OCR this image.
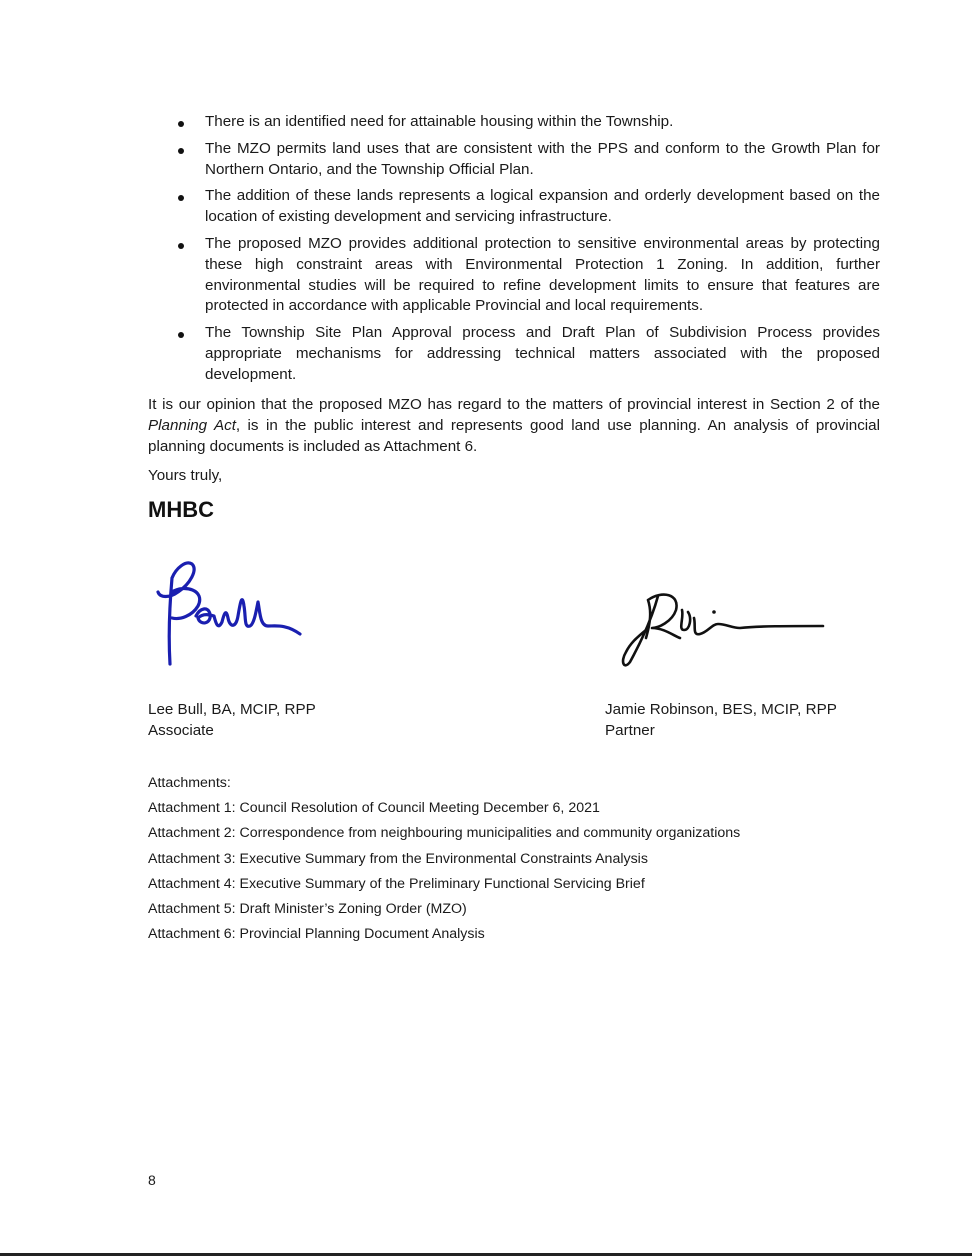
There is an identified need for attainable housing within the Township.
The MZO permits land uses that are consistent with the PPS and conform to the Growth Plan for Northern Ontario, and the Township Official Plan.
The addition of these lands represents a logical expansion and orderly development based on the location of existing development and servicing infrastructure.
The proposed MZO provides additional protection to sensitive environmental areas by protecting these high constraint areas with Environmental Protection 1 Zoning. In addition, further environmental studies will be required to refine development limits to ensure that features are protected in accordance with applicable Provincial and local requirements.
The Township Site Plan Approval process and Draft Plan of Subdivision Process provides appropriate mechanisms for addressing technical matters associated with the proposed development.

It is our opinion that the proposed MZO has regard to the matters of provincial interest in Section 2 of the Planning Act, is in the public interest and represents good land use planning. An analysis of provincial planning documents is included as Attachment 6.

Yours truly,
MHBC
Lee Bull, BA, MCIP, RPP
Associate
Jamie Robinson, BES, MCIP, RPP
Partner
Attachments:
Attachment 1: Council Resolution of Council Meeting December 6, 2021
Attachment 2: Correspondence from neighbouring municipalities and community organizations
Attachment 3: Executive Summary from the Environmental Constraints Analysis
Attachment 4: Executive Summary of the Preliminary Functional Servicing Brief
Attachment 5: Draft Minister’s Zoning Order (MZO)
Attachment 6: Provincial Planning Document Analysis
8
